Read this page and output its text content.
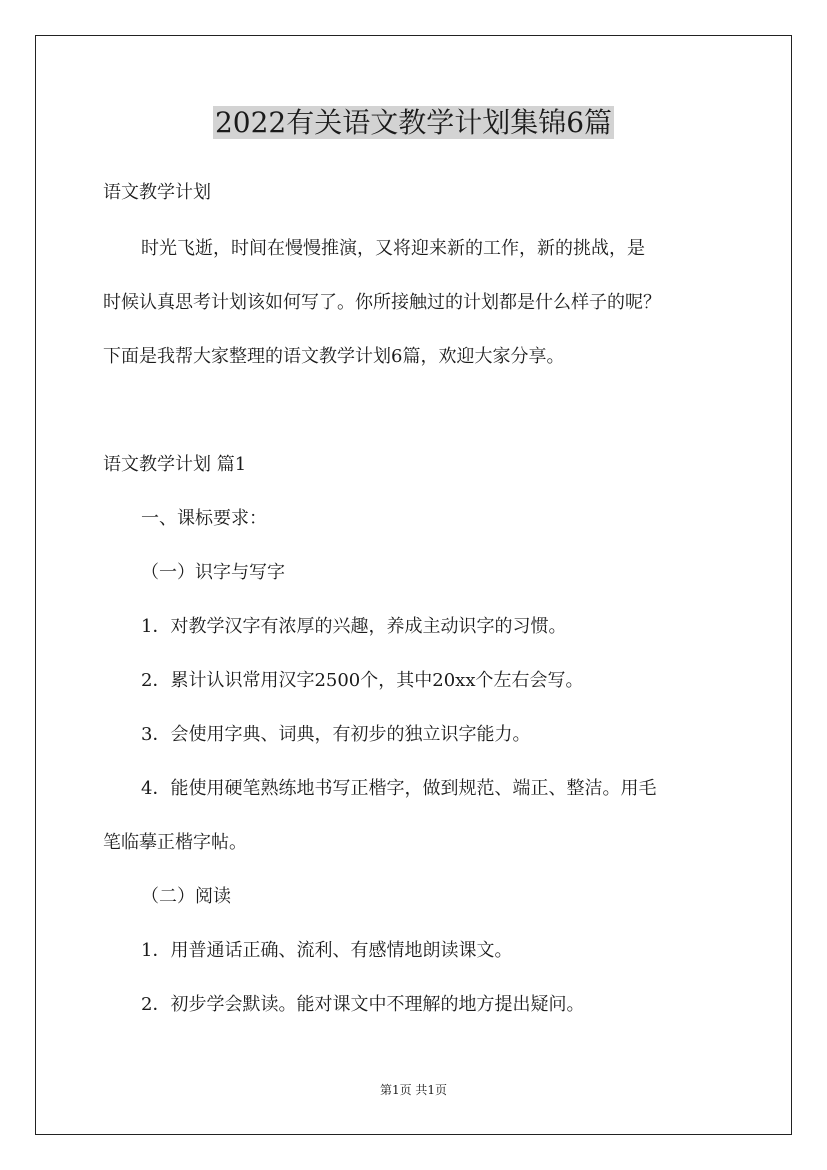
2022有关语文教学计划集锦6篇
语文教学计划
时光飞逝，时间在慢慢推演，又将迎来新的工作，新的挑战，是
时候认真思考计划该如何写了。你所接触过的计划都是什么样子的呢？
下面是我帮大家整理的语文教学计划6篇，欢迎大家分享。
语文教学计划 篇1
一、课标要求：
（一）识字与写字
1．对教学汉字有浓厚的兴趣，养成主动识字的习惯。
2．累计认识常用汉字2500个，其中20xx个左右会写。
3．会使用字典、词典，有初步的独立识字能力。
4．能使用硬笔熟练地书写正楷字，做到规范、端正、整洁。用毛
笔临摹正楷字帖。
（二）阅读
1．用普通话正确、流利、有感情地朗读课文。
2．初步学会默读。能对课文中不理解的地方提出疑问。
第1页 共1页
